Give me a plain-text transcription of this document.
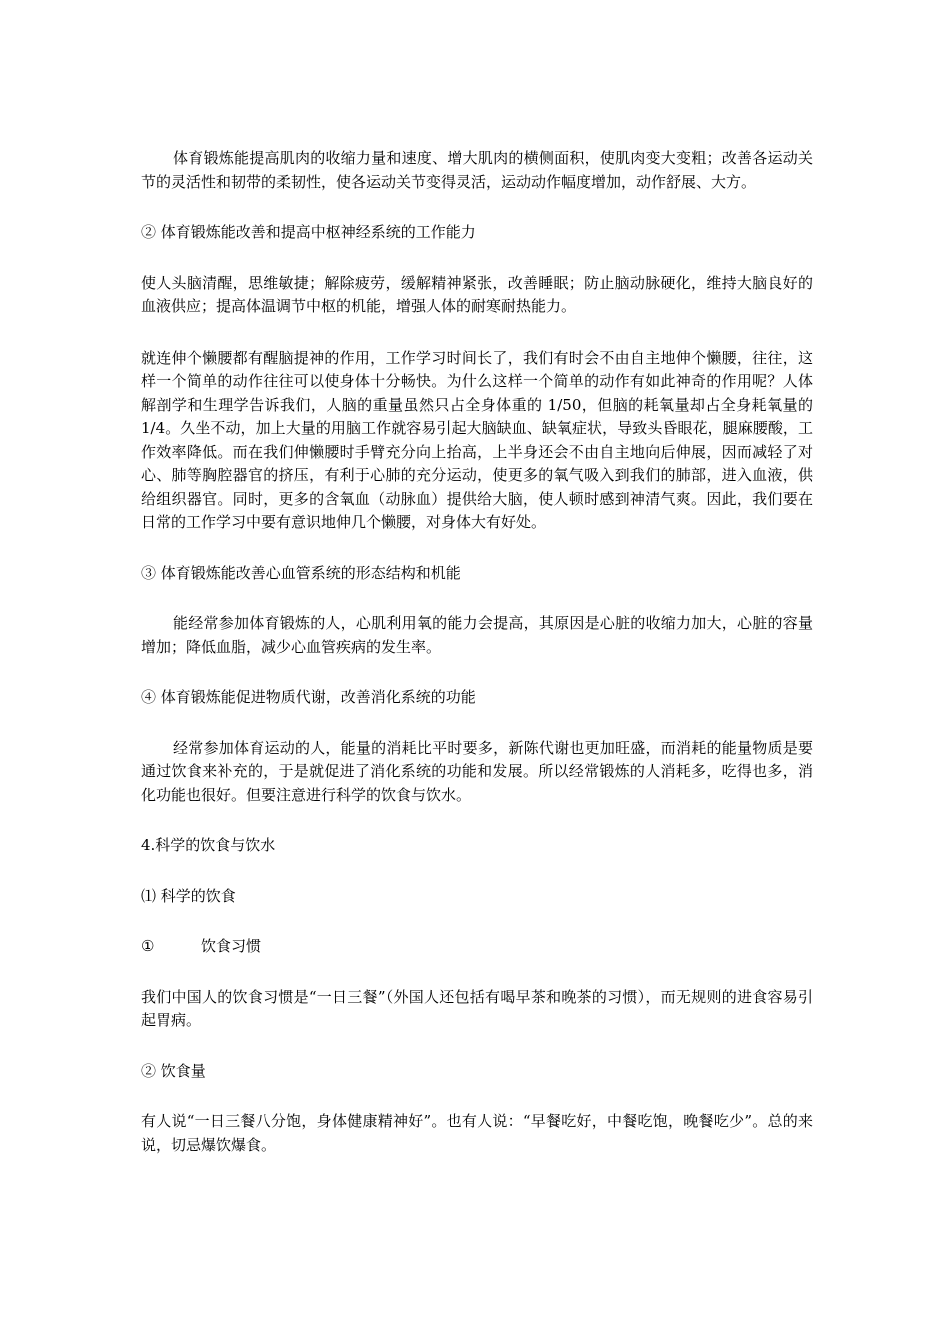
体育锻炼能提高肌肉的收缩力量和速度、增大肌肉的横侧面积，使肌肉变大变粗；改善各运动关节的灵活性和韧带的柔韧性，使各运动关节变得灵活，运动动作幅度增加，动作舒展、大方。

② 体育锻炼能改善和提高中枢神经系统的工作能力

使人头脑清醒，思维敏捷；解除疲劳，缓解精神紧张，改善睡眠；防止脑动脉硬化，维持大脑良好的血液供应；提高体温调节中枢的机能，增强人体的耐寒耐热能力。

就连伸个懒腰都有醒脑提神的作用，工作学习时间长了，我们有时会不由自主地伸个懒腰，往往，这样一个简单的动作往往可以使身体十分畅快。为什么这样一个简单的动作有如此神奇的作用呢？人体解剖学和生理学告诉我们，人脑的重量虽然只占全身体重的 1/50，但脑的耗氧量却占全身耗氧量的 1/4。久坐不动，加上大量的用脑工作就容易引起大脑缺血、缺氧症状，导致头昏眼花，腿麻腰酸，工作效率降低。而在我们伸懒腰时手臂充分向上抬高，上半身还会不由自主地向后伸展，因而减轻了对心、肺等胸腔器官的挤压，有利于心肺的充分运动，使更多的氧气吸入到我们的肺部，进入血液，供给组织器官。同时，更多的含氧血（动脉血）提供给大脑，使人顿时感到神清气爽。因此，我们要在日常的工作学习中要有意识地伸几个懒腰，对身体大有好处。

③ 体育锻炼能改善心血管系统的形态结构和机能

能经常参加体育锻炼的人，心肌利用氧的能力会提高，其原因是心脏的收缩力加大，心脏的容量增加；降低血脂，减少心血管疾病的发生率。

④ 体育锻炼能促进物质代谢，改善消化系统的功能

经常参加体育运动的人，能量的消耗比平时要多，新陈代谢也更加旺盛，而消耗的能量物质是要通过饮食来补充的，于是就促进了消化系统的功能和发展。所以经常锻炼的人消耗多，吃得也多，消化功能也很好。但要注意进行科学的饮食与饮水。

4.科学的饮食与饮水

⑴ 科学的饮食

①	饮食习惯

我们中国人的饮食习惯是“一日三餐”（外国人还包括有喝早茶和晚茶的习惯），而无规则的进食容易引起胃病。

② 饮食量

有人说“一日三餐八分饱，身体健康精神好”。也有人说：“早餐吃好，中餐吃饱，晚餐吃少”。总的来说，切忌爆饮爆食。
